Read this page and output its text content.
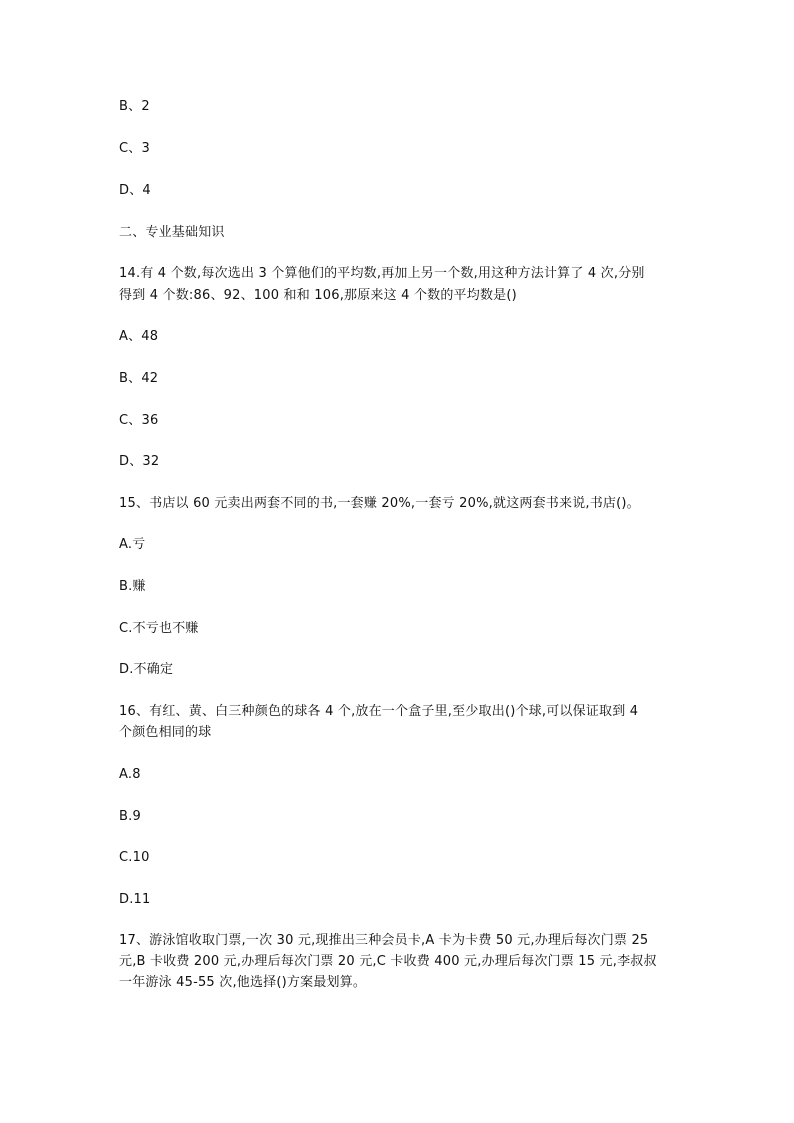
B、2
C、3
D、4
二、专业基础知识
14.有 4 个数,每次选出 3 个算他们的平均数,再加上另一个数,用这种方法计算了 4 次,分别
得到 4 个数:86、92、100 和和 106,那原来这 4 个数的平均数是()
A、48
B、42
C、36
D、32
15、书店以 60 元卖出两套不同的书,一套赚 20%,一套亏 20%,就这两套书来说,书店()。
A.亏
B.赚
C.不亏也不赚
D.不确定
16、有红、黄、白三种颜色的球各 4 个,放在一个盒子里,至少取出()个球,可以保证取到 4
个颜色相同的球
A.8
B.9
C.10
D.11
17、游泳馆收取门票,一次 30 元,现推出三种会员卡,A 卡为卡费 50 元,办理后每次门票 25
元,B 卡收费 200 元,办理后每次门票 20 元,C 卡收费 400 元,办理后每次门票 15 元,李叔叔
一年游泳 45-55 次,他选择()方案最划算。
